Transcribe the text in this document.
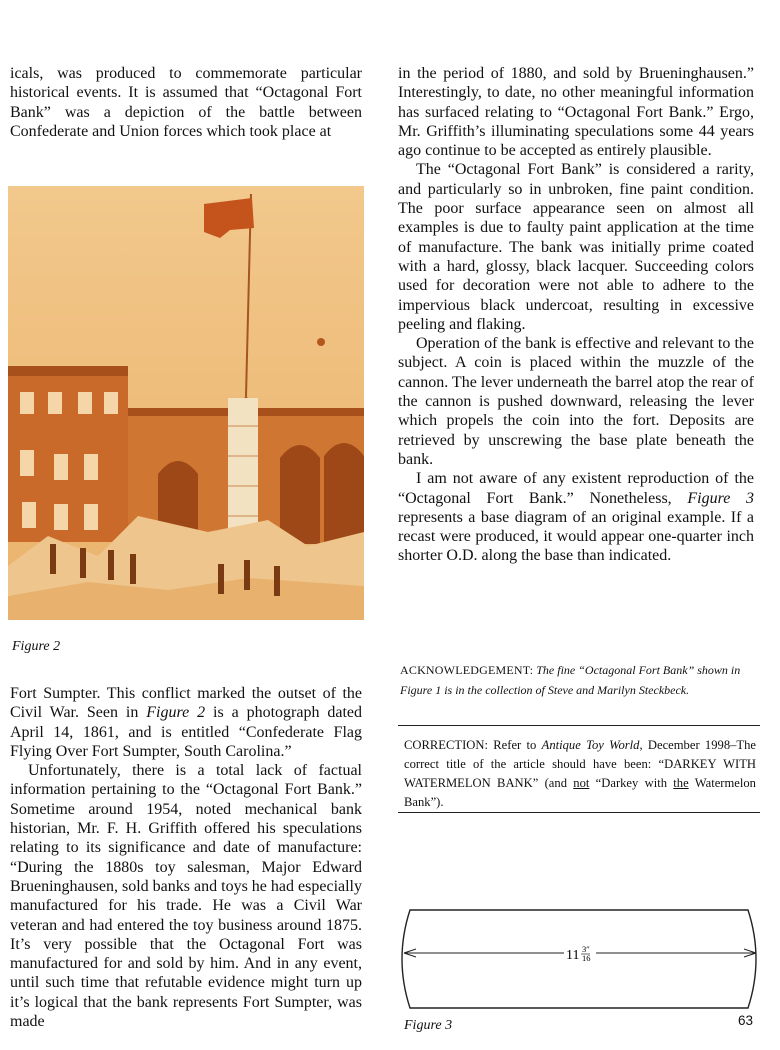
icals, was produced to commemorate particular historical events. It is assumed that “Octagonal Fort Bank” was a depiction of the battle between Confederate and Union forces which took place at

Figure 2

Fort Sumpter. This conflict marked the outset of the Civil War. Seen in Figure 2 is a photograph dated April 14, 1861, and is entitled “Confederate Flag Flying Over Fort Sumpter, South Carolina.”

Unfortunately, there is a total lack of factual information pertaining to the “Octagonal Fort Bank.” Sometime around 1954, noted mechanical bank historian, Mr. F. H. Griffith offered his speculations relating to its significance and date of manufacture: “During the 1880s toy salesman, Major Edward Brueninghausen, sold banks and toys he had especially manufactured for his trade. He was a Civil War veteran and had entered the toy business around 1875. It’s very possible that the Octagonal Fort was manufactured for and sold by him. And in any event, until such time that refutable evidence might turn up it’s logical that the bank represents Fort Sumpter, was made

in the period of 1880, and sold by Brueninghausen.” Interestingly, to date, no other meaningful information has surfaced relating to “Octagonal Fort Bank.” Ergo, Mr. Griffith’s illuminating speculations some 44 years ago continue to be accepted as entirely plausible.

The “Octagonal Fort Bank” is considered a rarity, and particularly so in unbroken, fine paint condition. The poor surface appearance seen on almost all examples is due to faulty paint application at the time of manufacture. The bank was initially prime coated with a hard, glossy, black lacquer. Succeeding colors used for decoration were not able to adhere to the impervious black undercoat, resulting in excessive peeling and flaking.

Operation of the bank is effective and relevant to the subject. A coin is placed within the muzzle of the cannon. The lever underneath the barrel atop the rear of the cannon is pushed downward, releasing the lever which propels the coin into the fort. Deposits are retrieved by unscrewing the base plate beneath the bank.

I am not aware of any existent reproduction of the “Octagonal Fort Bank.” Nonetheless, Figure 3 represents a base diagram of an original example. If a recast were produced, it would appear one-quarter inch shorter O.D. along the base than indicated.

ACKNOWLEDGEMENT: The fine “Octagonal Fort Bank” shown in Figure 1 is in the collection of Steve and Marilyn Steckbeck.
CORRECTION: Refer to Antique Toy World, December 1998–The correct title of the article should have been: “DARKEY WITH WATERMELON BANK” (and not “Darkey with the Watermelon Bank”).
11 3″
16
Figure 3	63
